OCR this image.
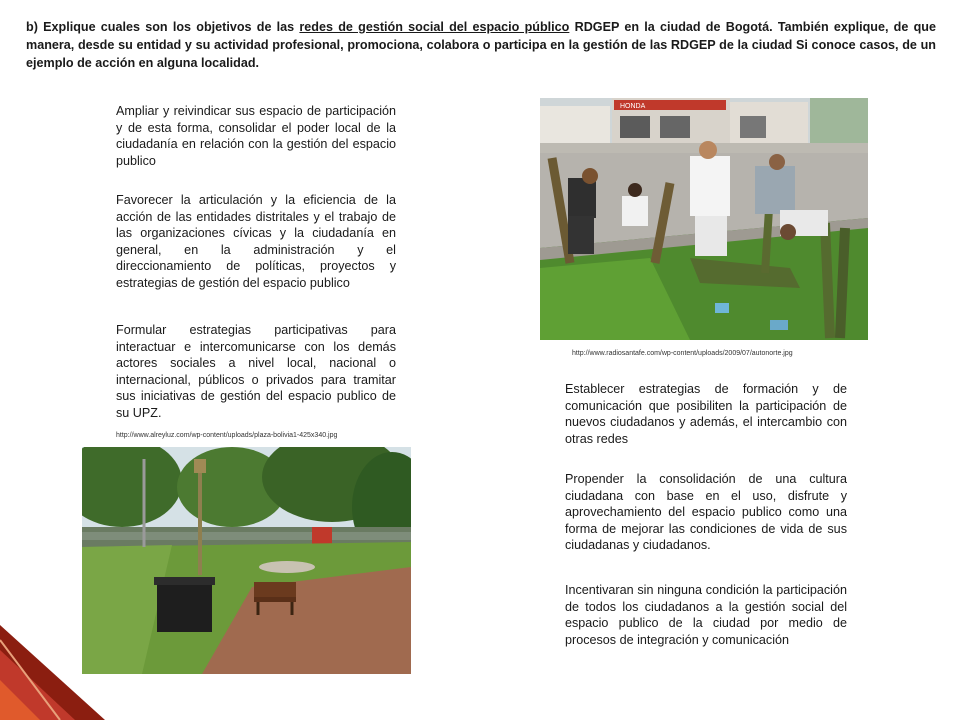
b) Explique cuales son los objetivos de las redes de gestión social del espacio público RDGEP en la ciudad de Bogotá. También explique, de que manera, desde su entidad y su actividad profesional, promociona, colabora o participa en la gestión de las RDGEP de la ciudad Si conoce casos, de un ejemplo de acción en alguna localidad.
Ampliar y reivindicar sus espacio de participación y de esta forma, consolidar el poder local de la ciudadanía en relación con la gestión del espacio publico
Favorecer la articulación y la eficiencia de la acción de las entidades distritales y el trabajo de las organizaciones cívicas y la ciudadanía en general, en la administración y el direccionamiento de políticas, proyectos y estrategias de gestión del espacio publico
Formular estrategias participativas para interactuar e intercomunicarse con los demás actores sociales a nivel local, nacional o internacional, públicos o privados para tramitar sus iniciativas de gestión del espacio publico de su UPZ.
http://www.alreyluz.com/wp-content/uploads/plaza-bolivia1-425x340.jpg
Establecer estrategias de formación y de comunicación que posibiliten la participación de nuevos ciudadanos y además, el intercambio con otras redes
Propender la consolidación de una cultura ciudadana con base en el uso, disfrute y aprovechamiento del espacio publico como una forma de mejorar las condiciones de vida de sus ciudadanas y ciudadanos.
Incentivaran sin ninguna condición la participación de todos los ciudadanos a la gestión social del espacio publico de la ciudad por medio de procesos de integración y comunicación
http://www.radiosantafe.com/wp-content/uploads/2009/07/autonorte.jpg
HONDA
